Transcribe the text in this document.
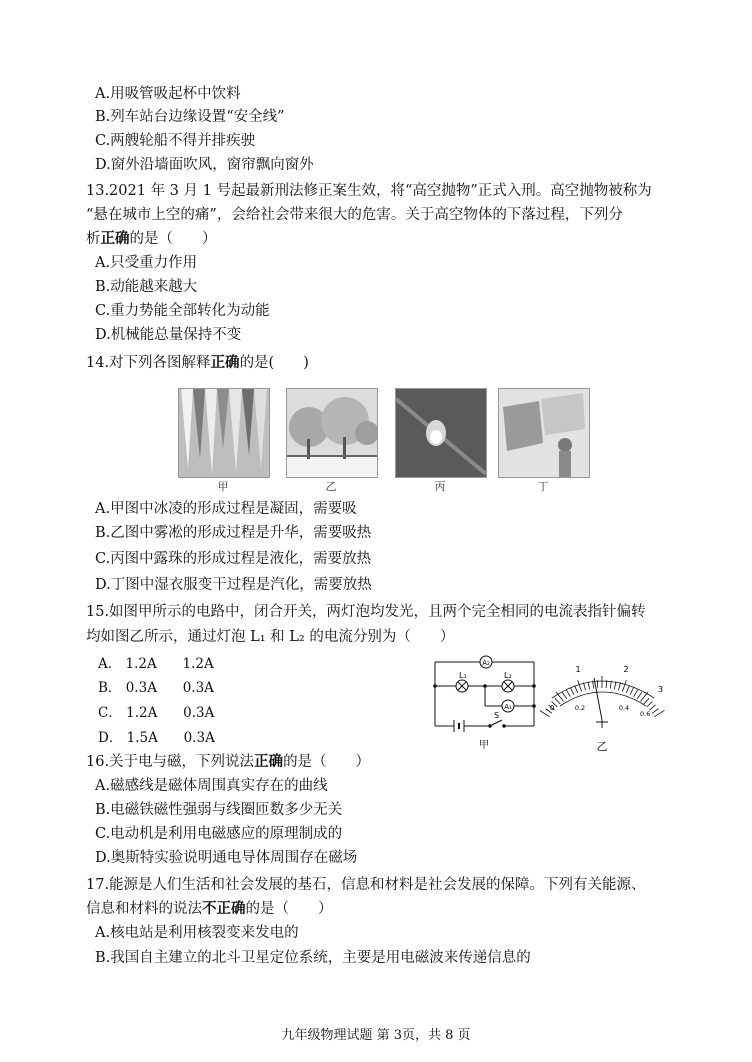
A.用吸管吸起杯中饮料
B.列车站台边缘设置“安全线”
C.两艘轮船不得并排疾驶
D.窗外沿墙面吹风，窗帘飘向窗外
13.2021 年 3 月 1 号起最新刑法修正案生效，将“高空抛物”正式入刑。高空抛物被称为
“悬在城市上空的痛”，会给社会带来很大的危害。关于高空物体的下落过程，下列分
析正确的是（　　）
A.只受重力作用
B.动能越来越大
C.重力势能全部转化为动能
D.机械能总量保持不变
14.对下列各图解释正确的是(　　)
甲	乙	丙	丁
A.甲图中冰凌的形成过程是凝固，需要吸
B.乙图中雾凇的形成过程是升华，需要吸热
C.丙图中露珠的形成过程是液化，需要放热
D.丁图中湿衣服变干过程是汽化，需要放热
15.如图甲所示的电路中，闭合开关，两灯泡均发光，且两个完全相同的电流表指针偏转
均如图乙所示，通过灯泡 L₁ 和 L₂ 的电流分别为（　　）
A． 1.2A 1.2A
B． 0.3A 0.3A
C． 1.2A 0.3A
D． 1.5A 0.3A
A₂
A₁
L₁	L₂
S
甲
1	2
3
0	0.2	0.4
0.6
乙
16.关于电与磁，下列说法正确的是（　　）
A.磁感线是磁体周围真实存在的曲线
B.电磁铁磁性强弱与线圈匝数多少无关
C.电动机是利用电磁感应的原理制成的
D.奥斯特实验说明通电导体周围存在磁场
17.能源是人们生活和社会发展的基石，信息和材料是社会发展的保障。下列有关能源、
信息和材料的说法不正确的是（　　）
A.核电站是利用核裂变来发电的
B.我国自主建立的北斗卫星定位系统，主要是用电磁波来传递信息的
九年级物理试题 第 3页，共 8 页
